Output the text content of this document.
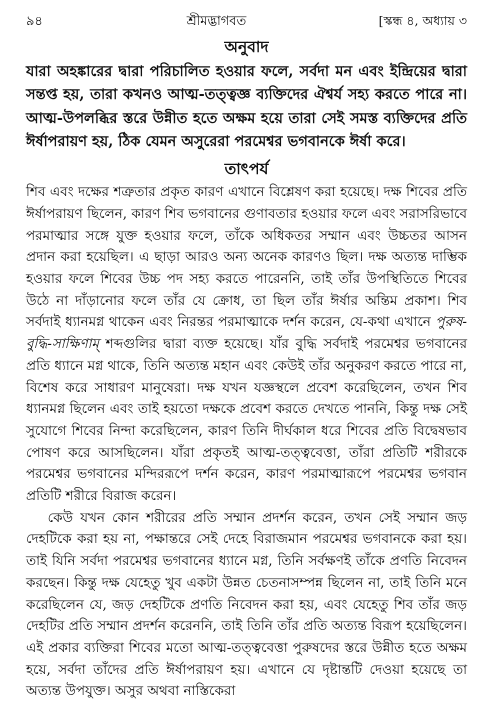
৯৪	শ্রীমদ্ভাগবত	[স্কন্ধ ৪, অধ্যায় ৩
অনুবাদ

যারা অহঙ্কারের দ্বারা পরিচালিত হওয়ার ফলে, সর্বদা মন এবং ইন্দ্রিয়ের দ্বারা সন্তপ্ত হয়, তারা কখনও আত্ম-তত্ত্বজ্ঞ ব্যক্তিদের ঐশ্বর্য সহ্য করতে পারে না। আত্ম-উপলব্ধির স্তরে উন্নীত হতে অক্ষম হয়ে তারা সেই সমস্ত ব্যক্তিদের প্রতি ঈর্ষাপরায়ণ হয়, ঠিক যেমন অসুরেরা পরমেশ্বর ভগবানকে ঈর্ষা করে।

তাৎপর্য

শিব এবং দক্ষের শত্রুতার প্রকৃত কারণ এখানে বিশ্লেষণ করা হয়েছে। দক্ষ শিবের প্রতি ঈর্ষাপরায়ণ ছিলেন, কারণ শিব ভগবানের গুণাবতার হওয়ার ফলে এবং সরাসরিভাবে পরমাত্মার সঙ্গে যুক্ত হওয়ার ফলে, তাঁকে অধিকতর সম্মান এবং উচ্চতর আসন প্রদান করা হয়েছিল। এ ছাড়া আরও অন্য অনেক কারণও ছিল। দক্ষ অত্যন্ত দাম্ভিক হওয়ার ফলে শিবের উচ্চ পদ সহ্য করতে পারেননি, তাই তাঁর উপস্থিতিতে শিবের উঠে না দাঁড়ানোর ফলে তাঁর যে ক্রোধ, তা ছিল তাঁর ঈর্ষার অন্তিম প্রকাশ। শিব সর্বদাই ধ্যানমগ্ন থাকেন এবং নিরন্তর পরমাত্মাকে দর্শন করেন, যে-কথা এখানে পুরুষ-বুদ্ধি-সাক্ষিণাম্ শব্দগুলির দ্বারা ব্যক্ত হয়েছে। যাঁর বুদ্ধি সর্বদাই পরমেশ্বর ভগবানের প্রতি ধ্যানে মগ্ন থাকে, তিনি অত্যন্ত মহান এবং কেউই তাঁর অনুকরণ করতে পারে না, বিশেষ করে সাধারণ মানুষেরা। দক্ষ যখন যজ্ঞস্থলে প্রবেশ করেছিলেন, তখন শিব ধ্যানমগ্ন ছিলেন এবং তাই হয়তো দক্ষকে প্রবেশ করতে দেখতে পাননি, কিন্তু দক্ষ সেই সুযোগে শিবের নিন্দা করেছিলেন, কারণ তিনি দীর্ঘকাল ধরে শিবের প্রতি বিদ্বেষভাব পোষণ করে আসছিলেন। যাঁরা প্রকৃতই আত্ম-তত্ত্ববেত্তা, তাঁরা প্রতিটি শরীরকে পরমেশ্বর ভগবানের মন্দিররূপে দর্শন করেন, কারণ পরমাত্মারূপে পরমেশ্বর ভগবান প্রতিটি শরীরে বিরাজ করেন।

কেউ যখন কোন শরীরের প্রতি সম্মান প্রদর্শন করেন, তখন সেই সম্মান জড় দেহটিকে করা হয় না, পক্ষান্তরে সেই দেহে বিরাজমান পরমেশ্বর ভগবানকে করা হয়। তাই যিনি সর্বদা পরমেশ্বর ভগবানের ধ্যানে মগ্ন, তিনি সর্বক্ষণই তাঁকে প্রণতি নিবেদন করছেন। কিন্তু দক্ষ যেহেতু খুব একটা উন্নত চেতনাসম্পন্ন ছিলেন না, তাই তিনি মনে করেছিলেন যে, জড় দেহটিকে প্রণতি নিবেদন করা হয়, এবং যেহেতু শিব তাঁর জড় দেহটির প্রতি সম্মান প্রদর্শন করেননি, তাই তিনি তাঁর প্রতি অত্যন্ত বিরূপ হয়েছিলেন। এই প্রকার ব্যক্তিরা শিবের মতো আত্ম-তত্ত্ববেত্তা পুরুষদের স্তরে উন্নীত হতে অক্ষম হয়ে, সর্বদা তাঁদের প্রতি ঈর্ষাপরায়ণ হয়। এখানে যে দৃষ্টান্তটি দেওয়া হয়েছে তা অত্যন্ত উপযুক্ত। অসুর অথবা নাস্তিকেরা
